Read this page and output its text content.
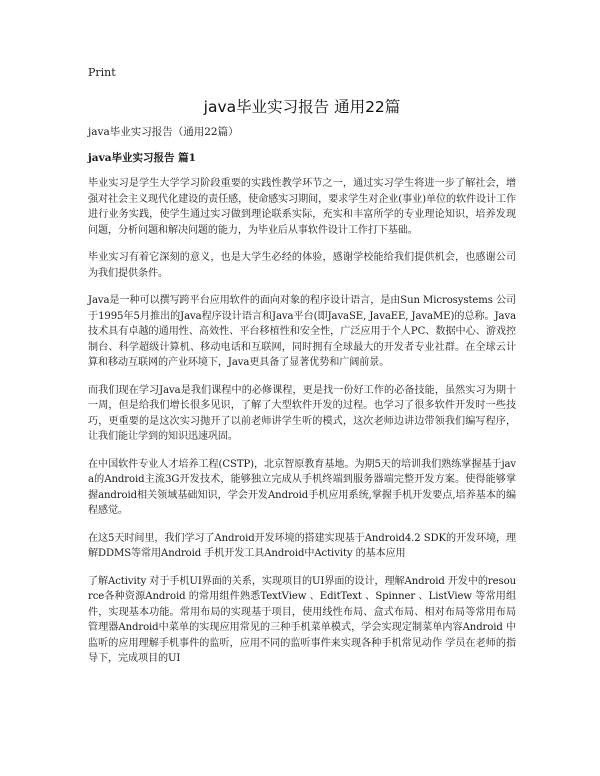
Print
java毕业实习报告 通用22篇
java毕业实习报告（通用22篇）
java毕业实习报告 篇1

毕业实习是学生大学学习阶段重要的实践性教学环节之一，通过实习学生将进一步了解社会，增强对社会主义现代化建设的责任感，使命感实习期间，要求学生对企业(事业)单位的软件设计工作进行业务实践，使学生通过实习做到理论联系实际，充实和丰富所学的专业理论知识，培养发现问题，分析问题和解决问题的能力，为毕业后从事软件设计工作打下基础。

毕业实习有着它深刻的意义，也是大学生必经的体验，感谢学校能给我们提供机会，也感谢公司为我们提供条件。

Java是一种可以撰写跨平台应用软件的面向对象的程序设计语言，是由Sun Microsystems 公司于1995年5月推出的Java程序设计语言和Java平台(即JavaSE, JavaEE, JavaME)的总称。Java 技术具有卓越的通用性、高效性、平台移植性和安全性，广泛应用于个人PC、数据中心、游戏控制台、科学超级计算机、移动电话和互联网，同时拥有全球最大的开发者专业社群。在全球云计算和移动互联网的产业环境下，Java更具备了显著优势和广阔前景。

而我们现在学习Java是我们课程中的必修课程，更是找一份好工作的必备技能，虽然实习为期十一周，但是给我们增长很多见识，了解了大型软件开发的过程。也学习了很多软件开发时一些技巧，更重要的是这次实习抛开了以前老师讲学生听的模式，这次老师边讲边带领我们编写程序，让我们能让学到的知识迅速巩固。

在中国软件专业人才培养工程(CSTP)，北京智原教育基地。为期5天的培训我们熟练掌握基于java的Android主流3G开发技术，能够独立完成从手机终端到服务器端完整开发方案。使得能够掌握android相关领域基础知识，学会开发Android手机应用系统,掌握手机开发要点,培养基本的编程感觉。

在这5天时间里，我们学习了Android开发环境的搭建实现基于Android4.2 SDK的开发环境，理解DDMS等常用Android 手机开发工具Android中Activity 的基本应用

了解Activity 对于手机UI界面的关系，实现项目的UI界面的设计，理解Android 开发中的resource各种资源Android 的常用组件熟悉TextView 、EditText 、Spinner 、ListView 等常用组件，实现基本功能。常用布局的实现基于项目，使用线性布局、盒式布局、相对布局等常用布局管理器Android中菜单的实现应用常见的三种手机菜单模式，学会实现定制菜单内容Android 中监听的应用理解手机事件的监听，应用不同的监听事件来实现各种手机常见动作 学员在老师的指导下，完成项目的UI
